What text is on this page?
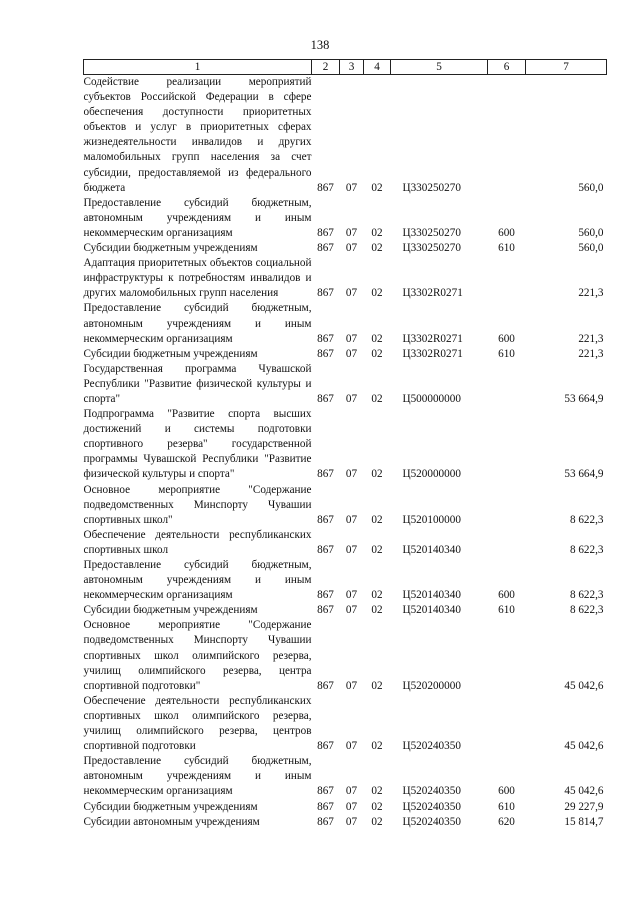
138
1	2	3	4	5	6	7
Содействие реализации мероприятий субъектов Российской Федерации в сфере обеспечения доступности приоритетных объектов и услуг в приоритетных сферах жизнедеятельности инвалидов и других маломобильных групп населения за счет субсидии, предоставляемой из федерального бюджета	867	07	02	Ц330250270		560,0
Предоставление субсидий бюджетным, автономным учреждениям и иным некоммерческим организациям	867	07	02	Ц330250270	600	560,0
Субсидии бюджетным учреждениям	867	07	02	Ц330250270	610	560,0
Адаптация приоритетных объектов социальной инфраструктуры к потребностям инвалидов и других маломобильных групп населения	867	07	02	Ц3302R0271		221,3
Предоставление субсидий бюджетным, автономным учреждениям и иным некоммерческим организациям	867	07	02	Ц3302R0271	600	221,3
Субсидии бюджетным учреждениям	867	07	02	Ц3302R0271	610	221,3
Государственная программа Чувашской Республики "Развитие физической культуры и спорта"	867	07	02	Ц500000000		53 664,9
Подпрограмма "Развитие спорта высших достижений и системы подготовки спортивного резерва" государственной программы Чувашской Республики "Развитие физической культуры и спорта"	867	07	02	Ц520000000		53 664,9
Основное мероприятие "Содержание подведомственных Минспорту Чувашии спортивных школ"	867	07	02	Ц520100000		8 622,3
Обеспечение деятельности республиканских спортивных школ	867	07	02	Ц520140340		8 622,3
Предоставление субсидий бюджетным, автономным учреждениям и иным некоммерческим организациям	867	07	02	Ц520140340	600	8 622,3
Субсидии бюджетным учреждениям	867	07	02	Ц520140340	610	8 622,3
Основное мероприятие "Содержание подведомственных Минспорту Чувашии спортивных школ олимпийского резерва, училищ олимпийского резерва, центра спортивной подготовки"	867	07	02	Ц520200000		45 042,6
Обеспечение деятельности республиканских спортивных школ олимпийского резерва, училищ олимпийского резерва, центров спортивной подготовки	867	07	02	Ц520240350		45 042,6
Предоставление субсидий бюджетным, автономным учреждениям и иным некоммерческим организациям	867	07	02	Ц520240350	600	45 042,6
Субсидии бюджетным учреждениям	867	07	02	Ц520240350	610	29 227,9
Субсидии автономным учреждениям	867	07	02	Ц520240350	620	15 814,7
